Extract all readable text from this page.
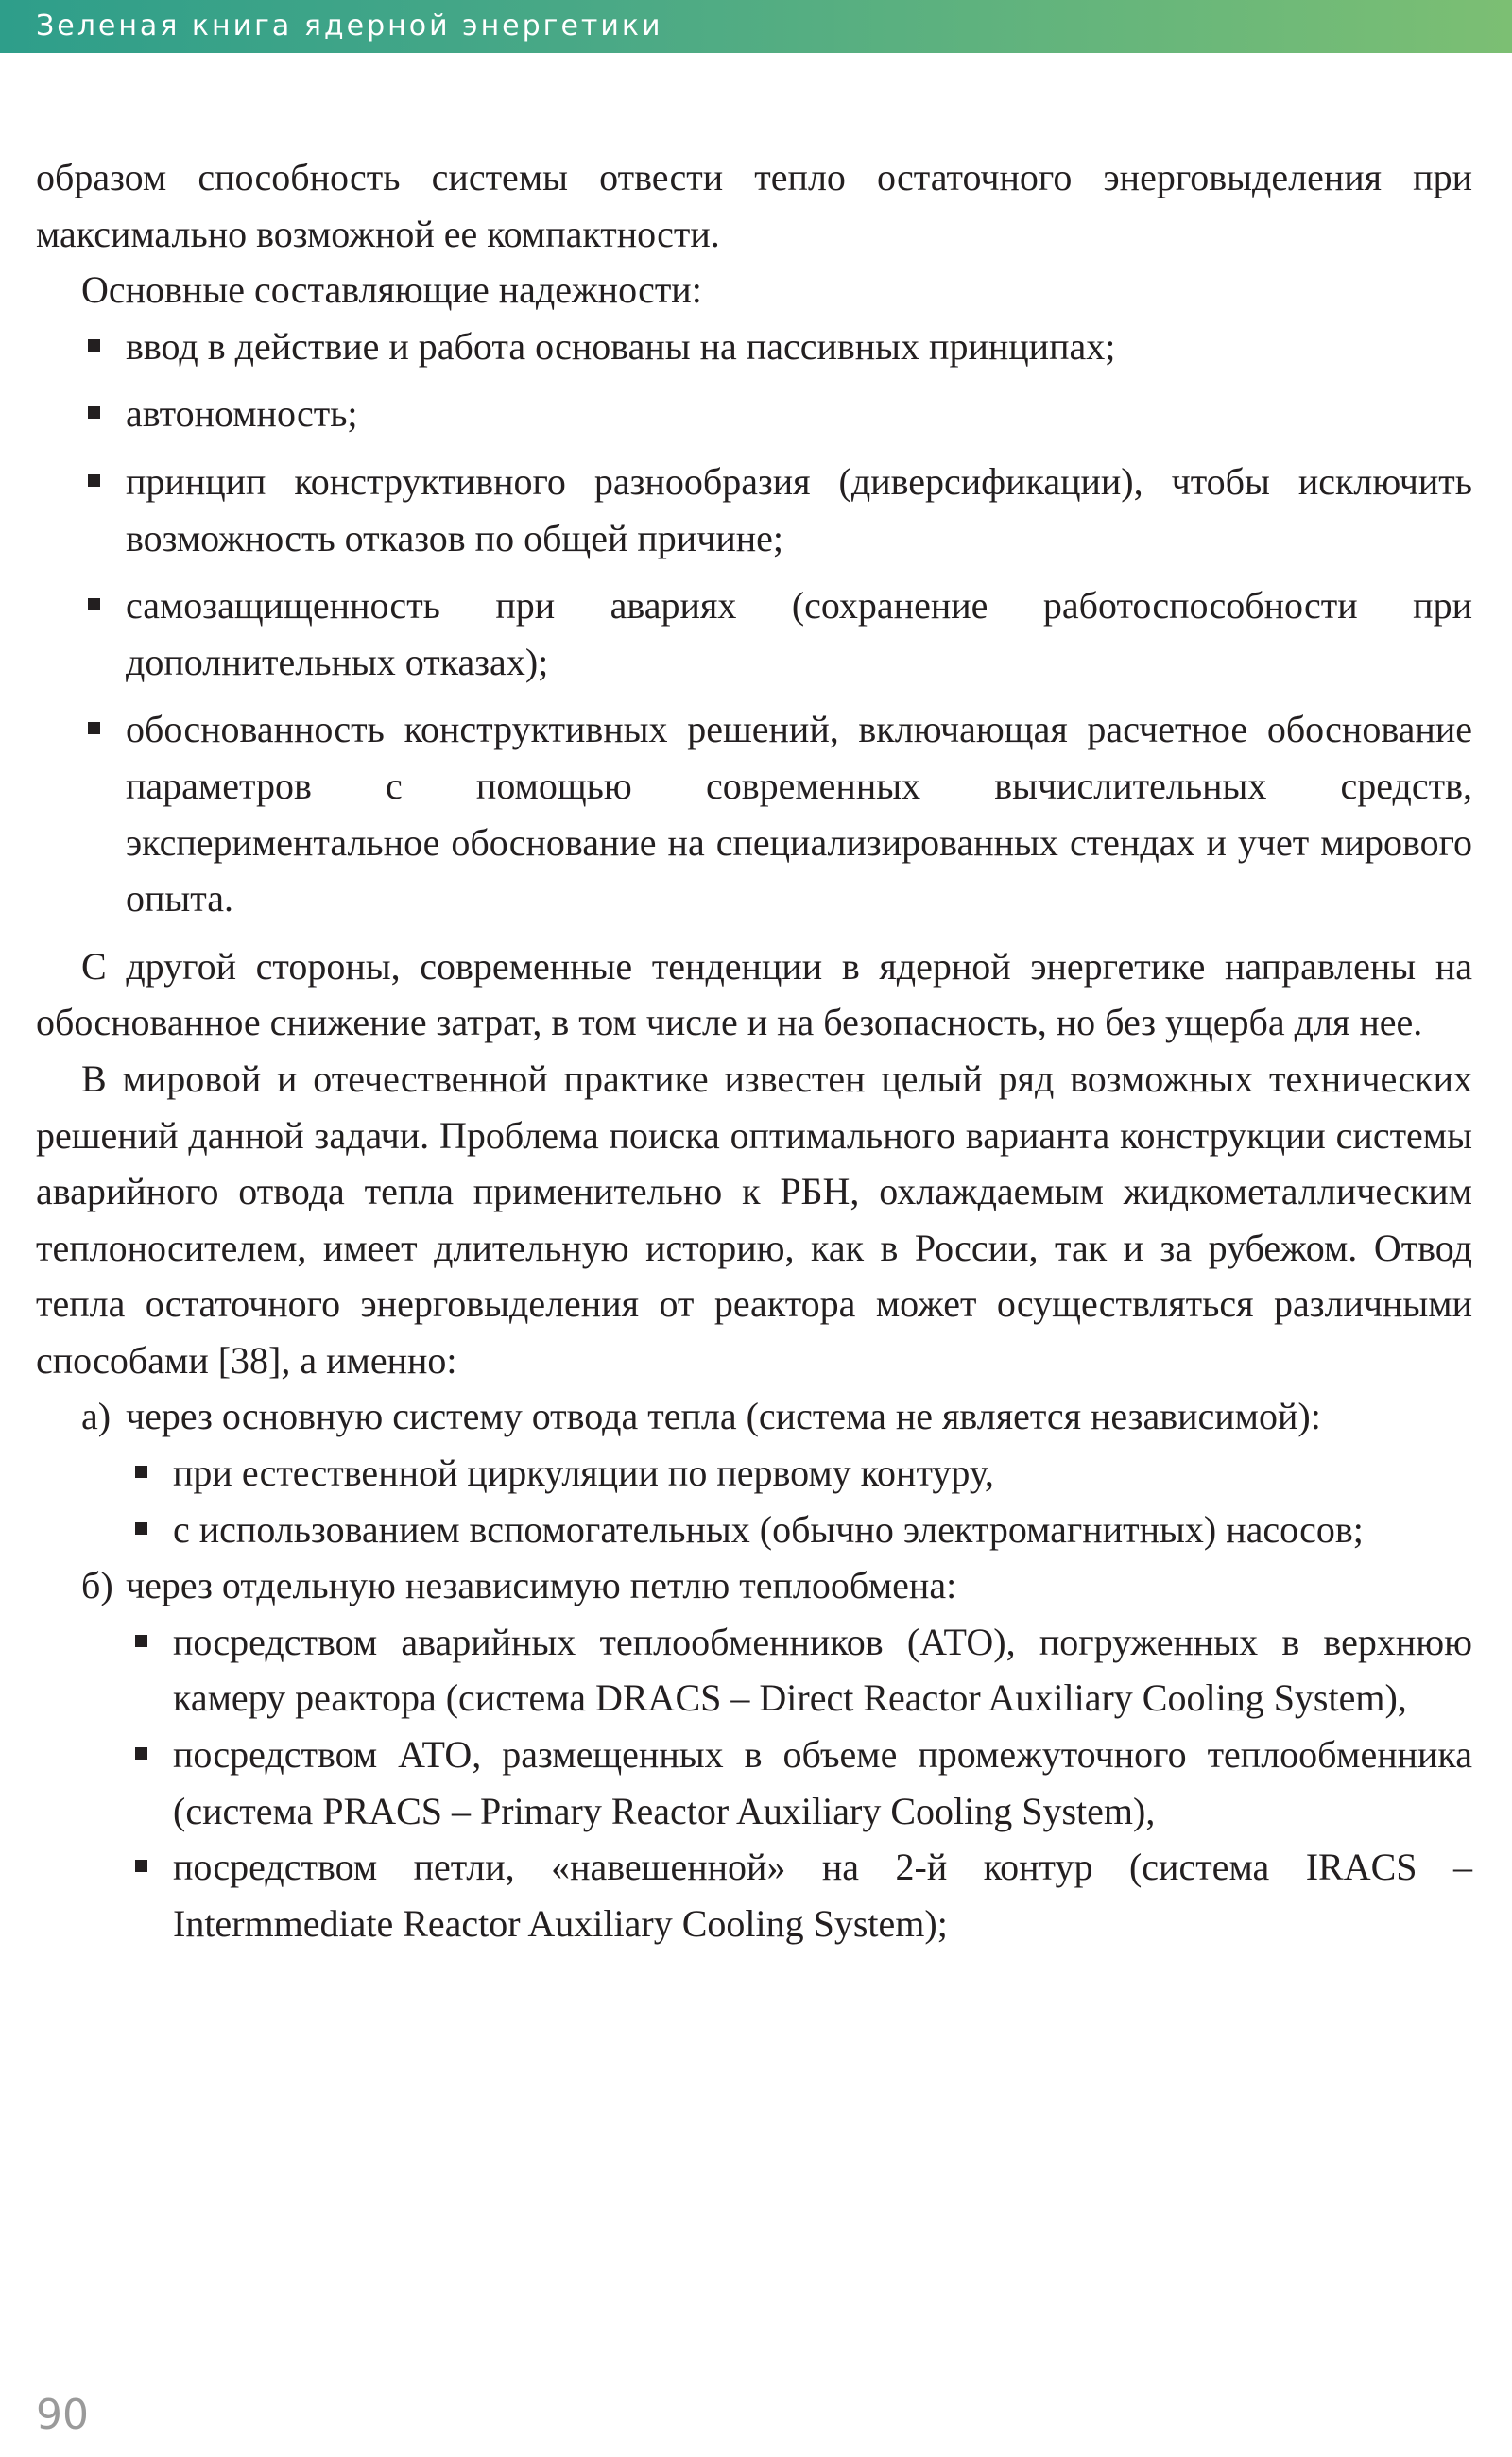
Зеленая книга ядерной энергетики

образом способность системы отвести тепло остаточного энерговыделения при максимально возможной ее компактности.

Основные составляющие надежности:

ввод в действие и работа основаны на пассивных принципах;
автономность;
принцип конструктивного разнообразия (диверсификации), чтобы исключить возможность отказов по общей причине;
самозащищенность при авариях (сохранение работоспособности при дополнительных отказах);
обоснованность конструктивных решений, включающая расчетное обоснование параметров с помощью современных вычислительных средств, экспериментальное обоснование на специализированных стендах и учет мирового опыта.

С другой стороны, современные тенденции в ядерной энергетике направлены на обоснованное снижение затрат, в том числе и на безопасность, но без ущерба для нее.

В мировой и отечественной практике известен целый ряд возможных технических решений данной задачи. Проблема поиска оптимального варианта конструкции системы аварийного отвода тепла применительно к РБН, охлаждаемым жидкометаллическим теплоносителем, имеет длительную историю, как в России, так и за рубежом. Отвод тепла остаточного энерговыделения от реактора может осуществляться различными способами [38], а именно:

а) через основную систему отвода тепла (система не является независимой):
при естественной циркуляции по первому контуру,
с использованием вспомогательных (обычно электромагнитных) насосов;
б) через отдельную независимую петлю теплообмена:
посредством аварийных теплообменников (АТО), погруженных в верхнюю камеру реактора (система DRACS – Direct Reactor Auxiliary Cooling System),
посредством АТО, размещенных в объеме промежуточного теплообменника (система PRACS – Primary Reactor Auxiliary Cooling System),
посредством петли, «навешенной» на 2-й контур (система IRACS – Intermmediate Reactor Auxiliary Cooling System);
90
